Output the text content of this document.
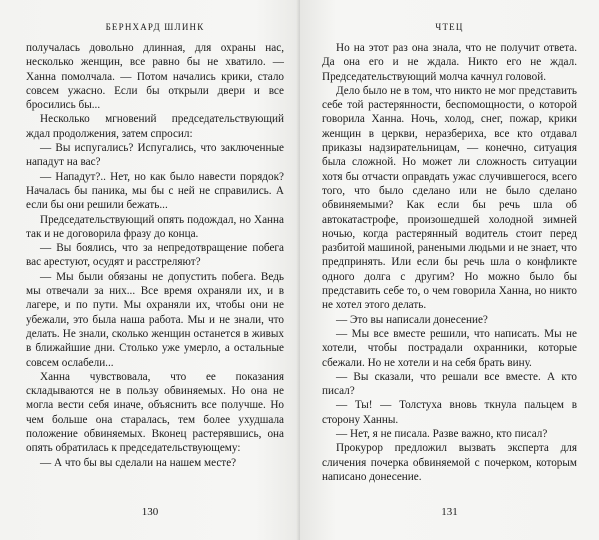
БЕРНХАРД ШЛИНК

получалась довольно длинная, для охраны нас, несколько женщин, все равно бы не хватило. — Ханна помолчала. — Потом начались крики, стало совсем ужасно. Если бы открыли двери и все бросились бы...

Несколько мгновений председательствующий ждал продолжения, затем спросил:

— Вы испугались? Испугались, что заключенные нападут на вас?

— Нападут?.. Нет, но как было навести порядок? Началась бы паника, мы бы с ней не справились. А если бы они решили бежать...

Председательствующий опять подождал, но Ханна так и не договорила фразу до конца.

— Вы боялись, что за непредотвращение побега вас арестуют, осудят и расстреляют?

— Мы были обязаны не допустить побега. Ведь мы отвечали за них... Все время охраняли их, и в лагере, и по пути. Мы охраняли их, чтобы они не убежали, это была наша работа. Мы и не знали, что делать. Не знали, сколько женщин останется в живых в ближайшие дни. Столько уже умерло, а остальные совсем ослабели...

Ханна чувствовала, что ее показания складываются не в пользу обвиняемых. Но она не могла вести себя иначе, объяснить все получше. Но чем больше она старалась, тем более ухудшала положение обвиняемых. Вконец растерявшись, она опять обратилась к председательствующему:

— А что бы вы сделали на нашем месте?

130
ЧТЕЦ

Но на этот раз она знала, что не получит ответа. Да она его и не ждала. Никто его не ждал. Председательствующий молча качнул головой.

Дело было не в том, что никто не мог представить себе той растерянности, беспомощности, о которой говорила Ханна. Ночь, холод, снег, пожар, крики женщин в церкви, неразбериха, все кто отдавал приказы надзирательницам, — конечно, ситуация была сложной. Но может ли сложность ситуации хотя бы отчасти оправдать ужас случившегося, всего того, что было сделано или не было сделано обвиняемыми? Как если бы речь шла об автокатастрофе, произошедшей холодной зимней ночью, когда растерянный водитель стоит перед разбитой машиной, ранеными людьми и не знает, что предпринять. Или если бы речь шла о конфликте одного долга с другим? Но можно было бы представить себе то, о чем говорила Ханна, но никто не хотел этого делать.

— Это вы написали донесение?

— Мы все вместе решили, что написать. Мы не хотели, чтобы пострадали охранники, которые сбежали. Но не хотели и на себя брать вину.

— Вы сказали, что решали все вместе. А кто писал?

— Ты! — Толстуха вновь ткнула пальцем в сторону Ханны.

— Нет, я не писала. Разве важно, кто писал?

Прокурор предложил вызвать эксперта для сличения почерка обвиняемой с почерком, которым написано донесение.

131
